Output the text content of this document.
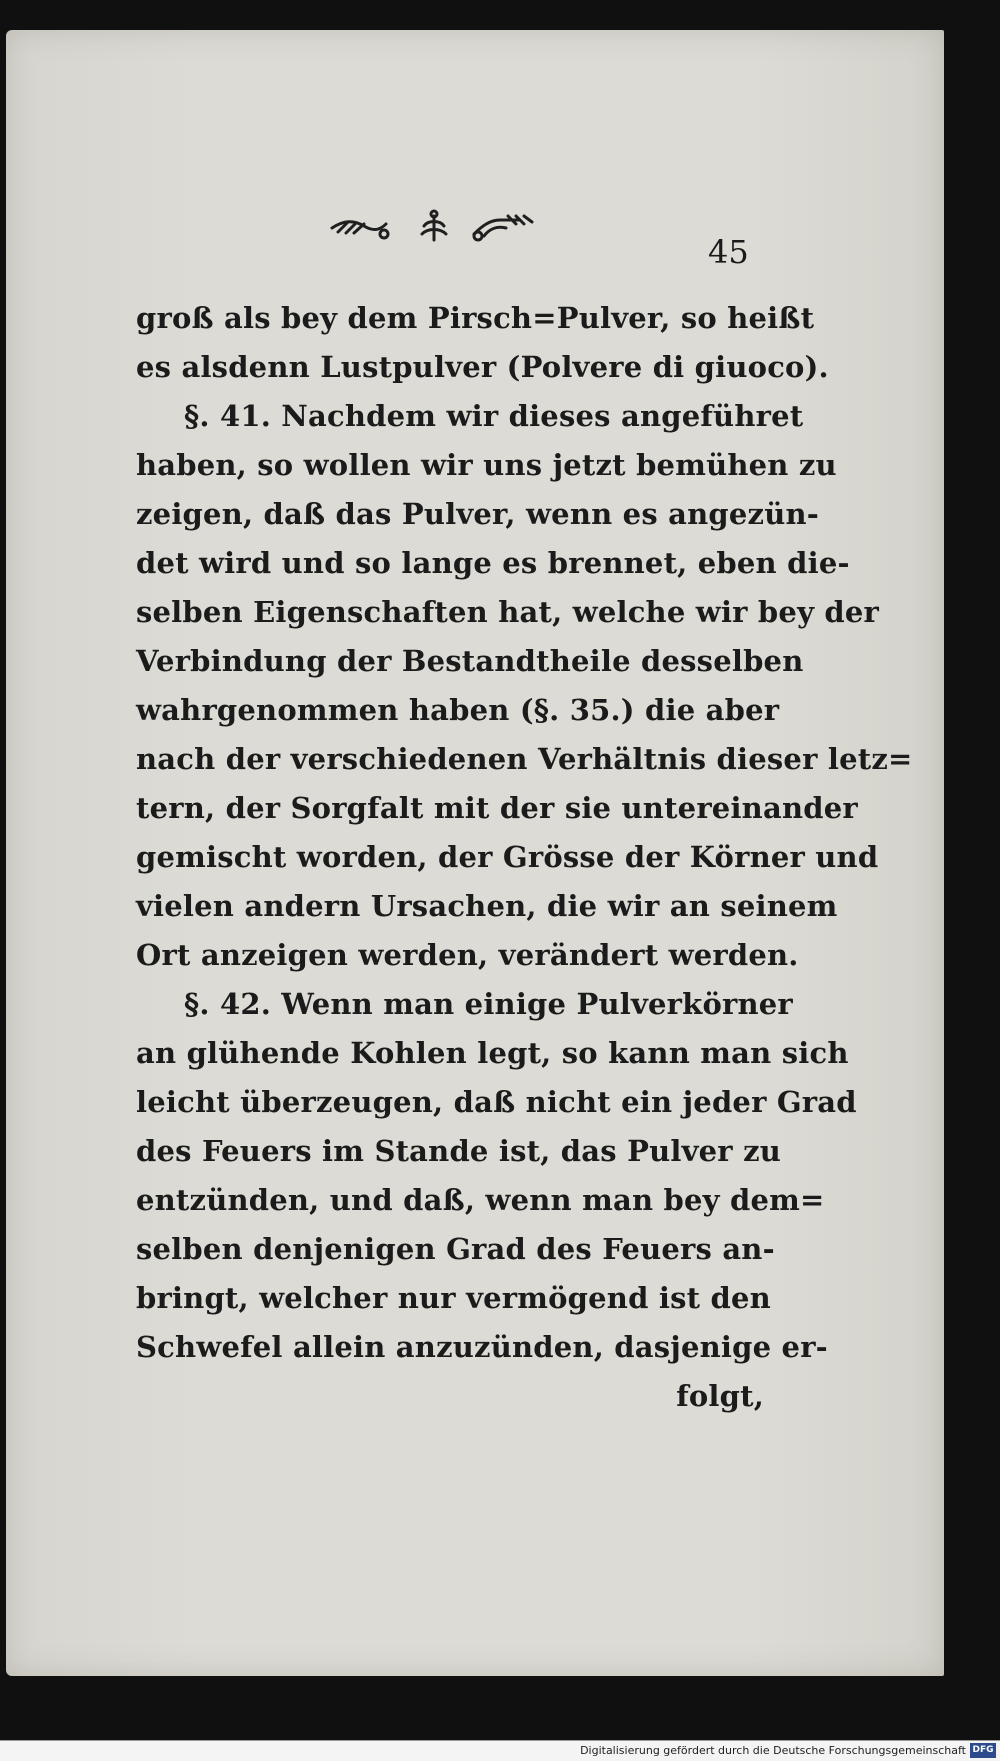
45
groß als bey dem Pirsch=Pulver, so heißt
es alsdenn Lustpulver (Polvere di giuoco).
§. 41. Nachdem wir dieses angeführet
haben, so wollen wir uns jetzt bemühen zu
zeigen, daß das Pulver, wenn es angezün-
det wird und so lange es brennet, eben die-
selben Eigenschaften hat, welche wir bey der
Verbindung der Bestandtheile desselben
wahrgenommen haben (§. 35.) die aber
nach der verschiedenen Verhältnis dieser letz=
tern, der Sorgfalt mit der sie untereinander
gemischt worden, der Grösse der Körner und
vielen andern Ursachen, die wir an seinem
Ort anzeigen werden, verändert werden.
§. 42. Wenn man einige Pulverkörner
an glühende Kohlen legt, so kann man sich
leicht überzeugen, daß nicht ein jeder Grad
des Feuers im Stande ist, das Pulver zu
entzünden, und daß, wenn man bey dem=
selben denjenigen Grad des Feuers an-
bringt, welcher nur vermögend ist den
Schwefel allein anzuzünden, dasjenige er-
folgt,
Digitalisierung gefördert durch die Deutsche Forschungsgemeinschaft DFG
